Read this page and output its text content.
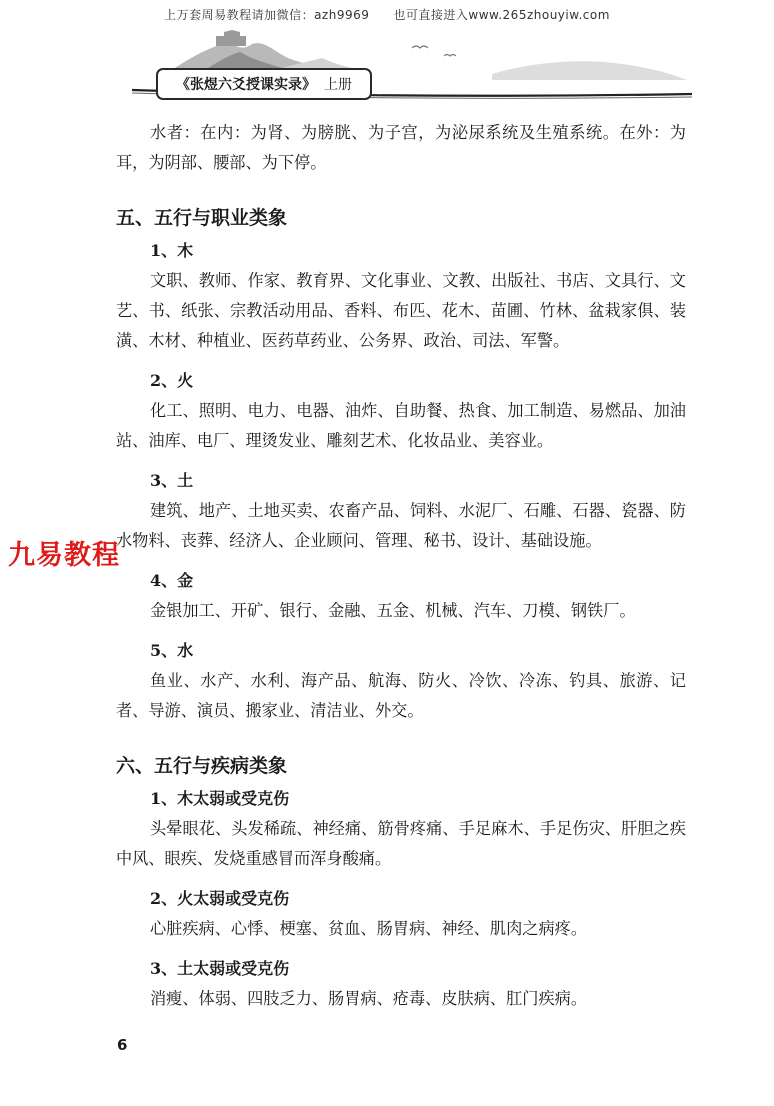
上万套周易教程请加微信：azh9969 也可直接进入www.265zhouyiw.com
《张煜六爻授课实录》 上册

水者：在内：为肾、为膀胱、为子宫，为泌尿系统及生殖系统。在外：为耳，为阴部、腰部、为下停。

五、五行与职业类象
1、木

文职、教师、作家、教育界、文化事业、文教、出版社、书店、文具行、文艺、书、纸张、宗教活动用品、香料、布匹、花木、苗圃、竹林、盆栽家俱、装潢、木材、种植业、医药草药业、公务界、政治、司法、军警。

2、火

化工、照明、电力、电器、油炸、自助餐、热食、加工制造、易燃品、加油站、油库、电厂、理烫发业、雕刻艺术、化妆品业、美容业。

3、土

建筑、地产、土地买卖、农畜产品、饲料、水泥厂、石雕、石器、瓷器、防水物料、丧葬、经济人、企业顾问、管理、秘书、设计、基础设施。

4、金

金银加工、开矿、银行、金融、五金、机械、汽车、刀模、钢铁厂。

5、水

鱼业、水产、水利、海产品、航海、防火、冷饮、冷冻、钓具、旅游、记者、导游、演员、搬家业、清洁业、外交。

六、五行与疾病类象
1、木太弱或受克伤

头晕眼花、头发稀疏、神经痛、筋骨疼痛、手足麻木、手足伤灾、肝胆之疾中风、眼疾、发烧重感冒而浑身酸痛。

2、火太弱或受克伤

心脏疾病、心悸、梗塞、贫血、肠胃病、神经、肌肉之病疼。

3、土太弱或受克伤

消瘦、体弱、四肢乏力、肠胃病、疮毒、皮肤病、肛门疾病。

九易教程
6
